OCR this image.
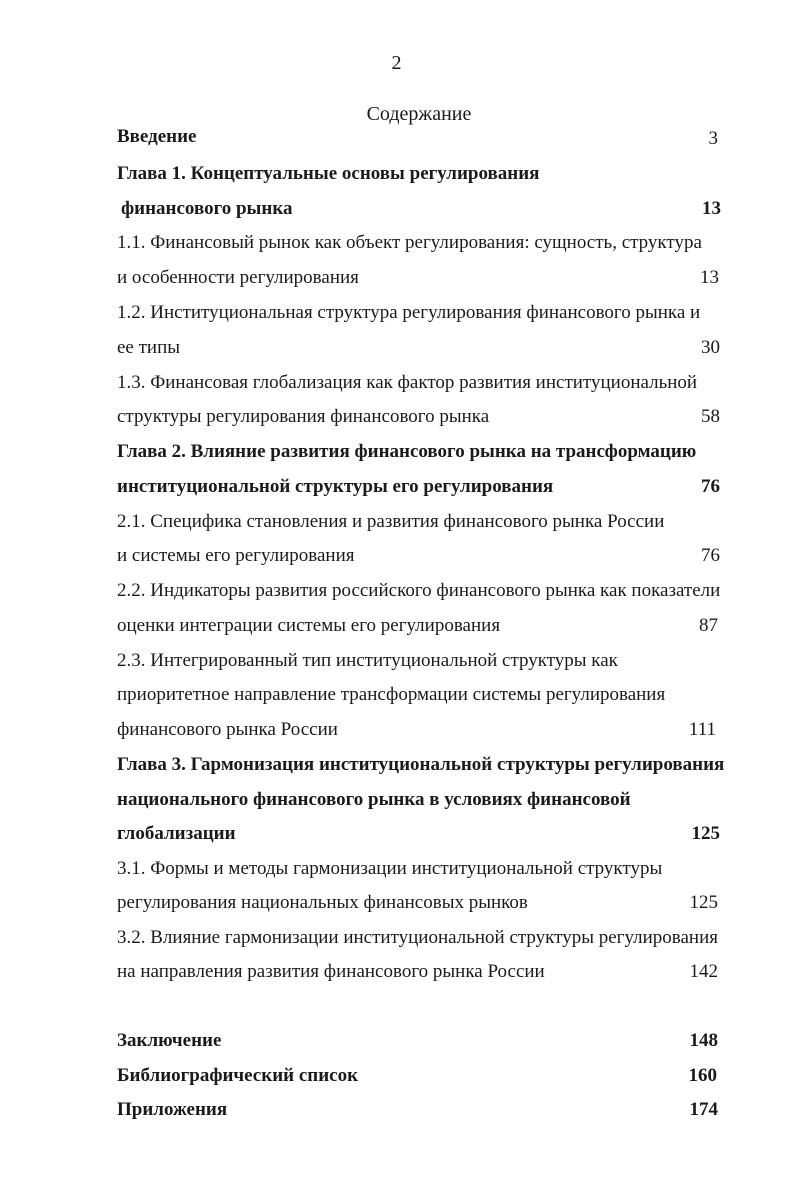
2
Содержание
Введение	3
Глава 1. Концептуальные основы регулирования
финансового рынка	13
1.1. Финансовый рынок как объект регулирования: сущность, структура
и особенности регулирования	13
1.2. Институциональная структура регулирования финансового рынка и
ее типы	30
1.3. Финансовая глобализация как фактор развития институциональной
структуры регулирования финансового рынка	58
Глава 2. Влияние развития финансового рынка на трансформацию
институциональной структуры его регулирования	76
2.1. Специфика становления и развития финансового рынка России
и системы его регулирования	76
2.2. Индикаторы развития российского финансового рынка как показатели
оценки интеграции системы его регулирования	87
2.3. Интегрированный тип институциональной структуры как
приоритетное направление трансформации системы регулирования
финансового рынка России	111
Глава 3. Гармонизация институциональной структуры регулирования
национального финансового рынка в условиях финансовой
глобализации	125
3.1. Формы и методы гармонизации институциональной структуры
регулирования национальных финансовых рынков	125
3.2. Влияние гармонизации институциональной структуры регулирования
на направления развития финансового рынка России	142
Заключение	148
Библиографический список	160
Приложения	174
